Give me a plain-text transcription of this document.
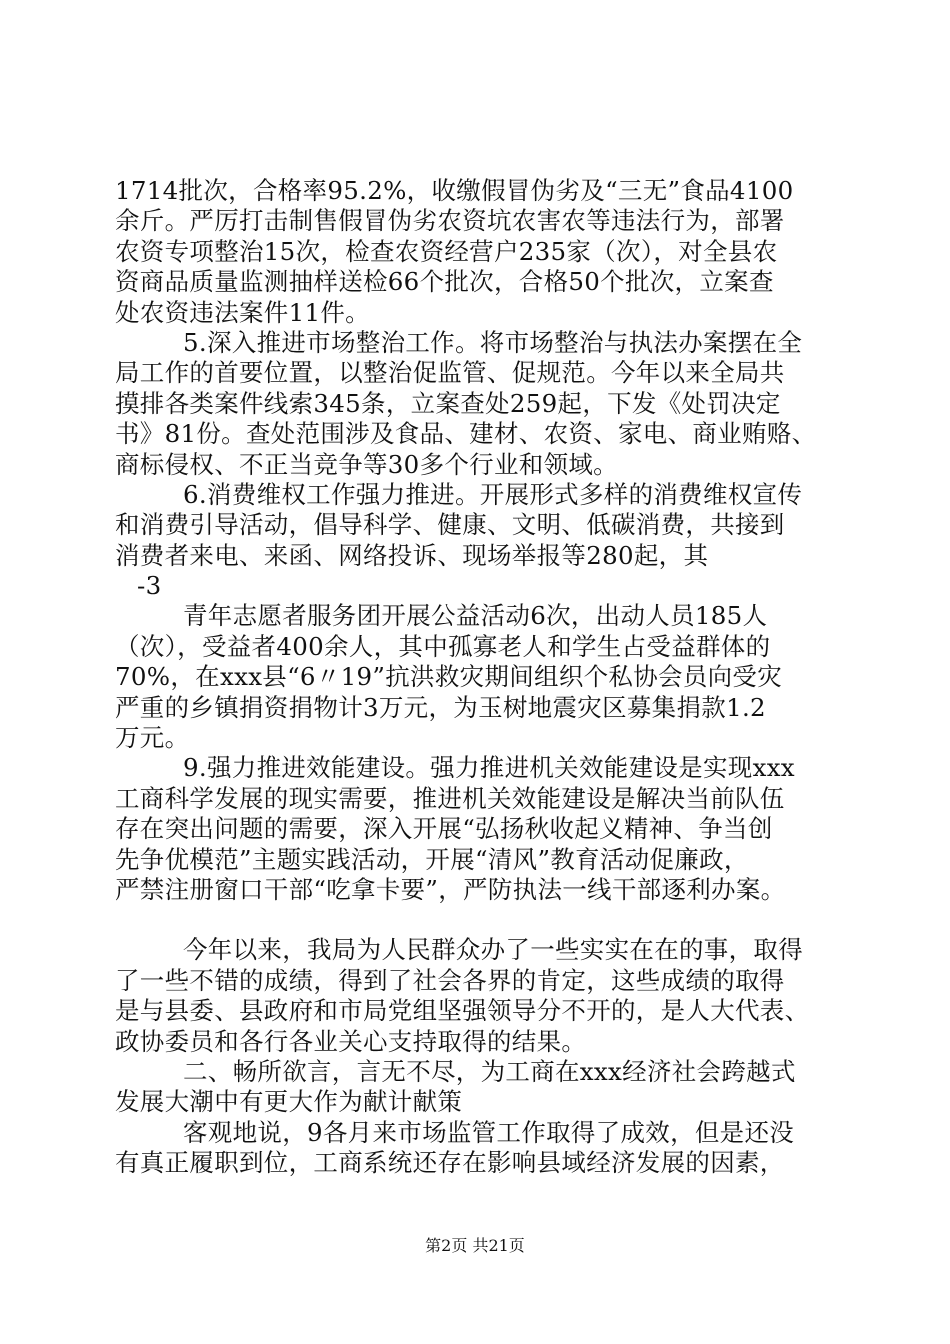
1714批次，合格率95.2%，收缴假冒伪劣及“三无”食品4100
余斤。严厉打击制售假冒伪劣农资坑农害农等违法行为，部署
农资专项整治15次，检查农资经营户235家（次），对全县农
资商品质量监测抽样送检66个批次，合格50个批次，立案查
处农资违法案件11件。
5.深入推进市场整治工作。将市场整治与执法办案摆在全
局工作的首要位置，以整治促监管、促规范。今年以来全局共
摸排各类案件线索345条，立案查处259起，下发《处罚决定
书》81份。查处范围涉及食品、建材、农资、家电、商业贿赂、
商标侵权、不正当竞争等30多个行业和领域。
6.消费维权工作强力推进。开展形式多样的消费维权宣传
和消费引导活动，倡导科学、健康、文明、低碳消费，共接到
消费者来电、来函、网络投诉、现场举报等280起，其
-3
青年志愿者服务团开展公益活动6次，出动人员185人
（次），受益者400余人，其中孤寡老人和学生占受益群体的
70%，在xxx县“6〃19”抗洪救灾期间组织个私协会员向受灾
严重的乡镇捐资捐物计3万元，为玉树地震灾区募集捐款1.2
万元。
9.强力推进效能建设。强力推进机关效能建设是实现xxx
工商科学发展的现实需要，推进机关效能建设是解决当前队伍
存在突出问题的需要，深入开展“弘扬秋收起义精神、争当创
先争优模范”主题实践活动，开展“清风”教育活动促廉政，
严禁注册窗口干部“吃拿卡要”，严防执法一线干部逐利办案。
今年以来，我局为人民群众办了一些实实在在的事，取得
了一些不错的成绩，得到了社会各界的肯定，这些成绩的取得
是与县委、县政府和市局党组坚强领导分不开的，是人大代表、
政协委员和各行各业关心支持取得的结果。
二、畅所欲言，言无不尽，为工商在xxx经济社会跨越式
发展大潮中有更大作为献计献策
客观地说，9各月来市场监管工作取得了成效，但是还没
有真正履职到位，工商系统还存在影响县域经济发展的因素，
第2页 共21页
